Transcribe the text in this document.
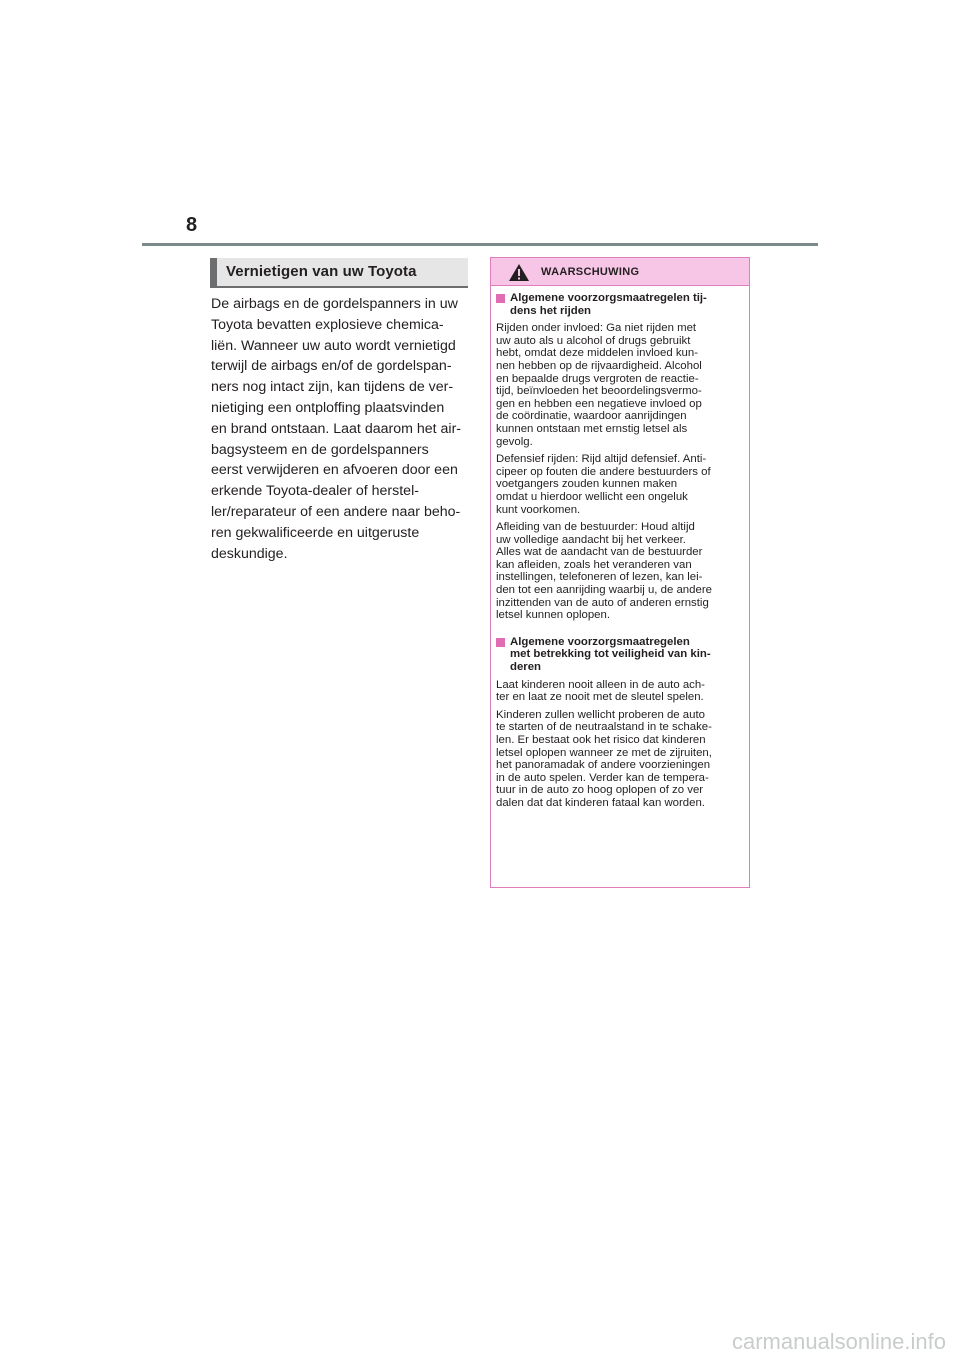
8
Vernietigen van uw Toyota
De airbags en de gordelspanners in uw
Toyota bevatten explosieve chemica-
liën. Wanneer uw auto wordt vernietigd
terwijl de airbags en/of de gordelspan-
ners nog intact zijn, kan tijdens de ver-
nietiging een ontploffing plaatsvinden
en brand ontstaan. Laat daarom het air-
bagsysteem en de gordelspanners
eerst verwijderen en afvoeren door een
erkende Toyota-dealer of herstel-
ler/reparateur of een andere naar beho-
ren gekwalificeerde en uitgeruste
deskundige.
WAARSCHUWING
Algemene voorzorgsmaatregelen tij-
dens het rijden
Rijden onder invloed: Ga niet rijden met
uw auto als u alcohol of drugs gebruikt
hebt, omdat deze middelen invloed kun-
nen hebben op de rijvaardigheid. Alcohol
en bepaalde drugs vergroten de reactie-
tijd, beïnvloeden het beoordelingsvermo-
gen en hebben een negatieve invloed op
de coördinatie, waardoor aanrijdingen
kunnen ontstaan met ernstig letsel als
gevolg.
Defensief rijden: Rijd altijd defensief. Anti-
cipeer op fouten die andere bestuurders of
voetgangers zouden kunnen maken
omdat u hierdoor wellicht een ongeluk
kunt voorkomen.
Afleiding van de bestuurder: Houd altijd
uw volledige aandacht bij het verkeer.
Alles wat de aandacht van de bestuurder
kan afleiden, zoals het veranderen van
instellingen, telefoneren of lezen, kan lei-
den tot een aanrijding waarbij u, de andere
inzittenden van de auto of anderen ernstig
letsel kunnen oplopen.
Algemene voorzorgsmaatregelen
met betrekking tot veiligheid van kin-
deren
Laat kinderen nooit alleen in de auto ach-
ter en laat ze nooit met de sleutel spelen.
Kinderen zullen wellicht proberen de auto
te starten of de neutraalstand in te schake-
len. Er bestaat ook het risico dat kinderen
letsel oplopen wanneer ze met de zijruiten,
het panoramadak of andere voorzieningen
in de auto spelen. Verder kan de tempera-
tuur in de auto zo hoog oplopen of zo ver
dalen dat dat kinderen fataal kan worden.
carmanualsonline.info
